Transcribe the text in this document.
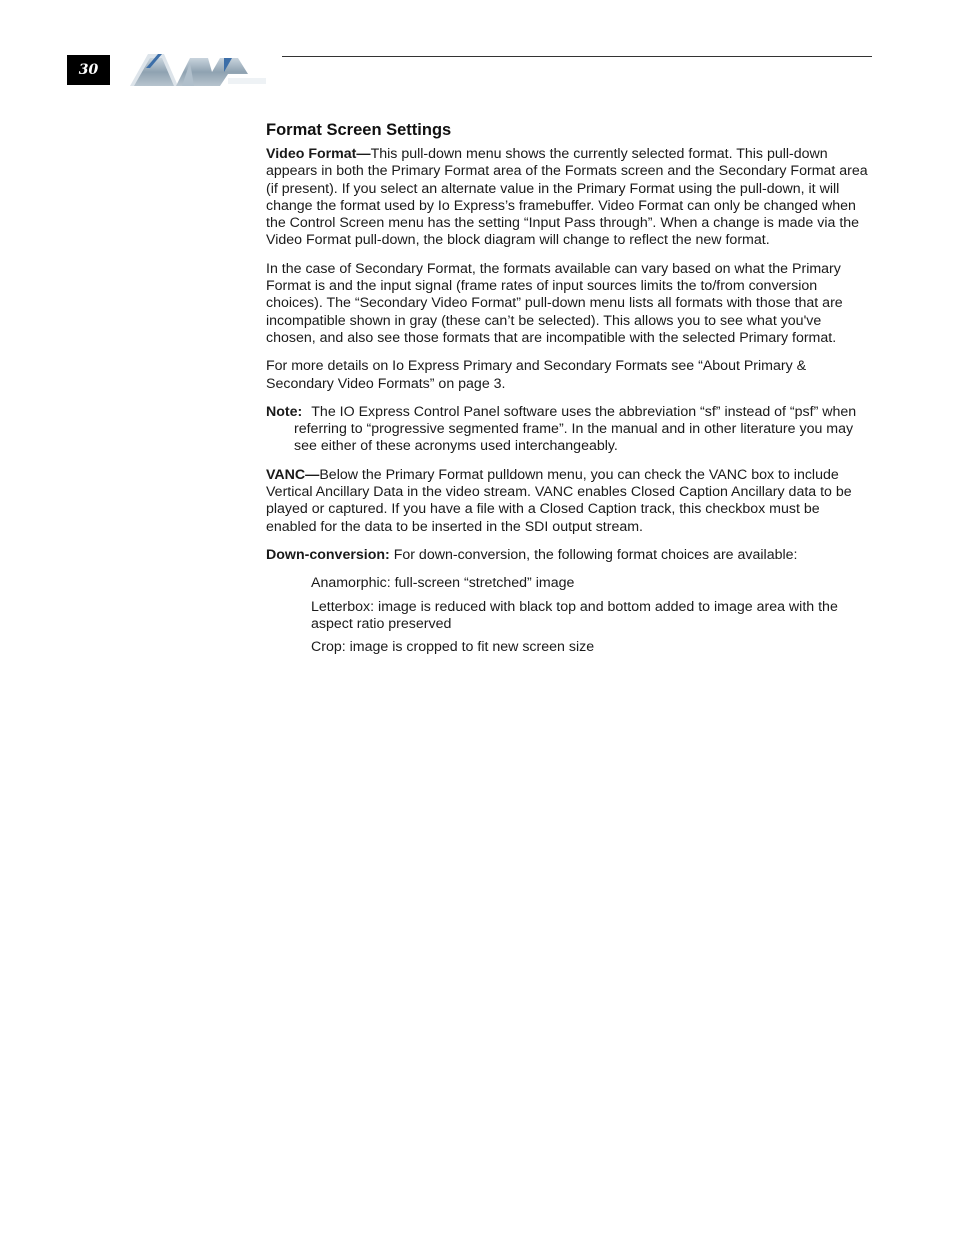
30
Format Screen Settings

Video Format—This pull-down menu shows the currently selected format. This pull-down appears in both the Primary Format area of the Formats screen and the Secondary Format area (if present). If you select an alternate value in the Primary Format using the pull-down, it will change the format used by Io Express’s framebuffer. Video Format can only be changed when the Control Screen menu has the setting “Input Pass through”. When a change is made via the Video Format pull-down, the block diagram will change to reflect the new format.

In the case of Secondary Format, the formats available can vary based on what the Primary Format is and the input signal (frame rates of input sources limits the to/from conversion choices). The “Secondary Video Format” pull-down menu lists all formats with those that are incompatible shown in gray (these can’t be selected). This allows you to see what you've chosen, and also see those formats that are incompatible with the selected Primary format.

For more details on Io Express Primary and Secondary Formats see “About Primary & Secondary Video Formats” on page 3.

Note: The IO Express Control Panel software uses the abbreviation “sf” instead of “psf” when referring to “progressive segmented frame”. In the manual and in other literature you may see either of these acronyms used interchangeably.

VANC—Below the Primary Format pulldown menu, you can check the VANC box to include Vertical Ancillary Data in the video stream. VANC enables Closed Caption Ancillary data to be played or captured. If you have a file with a Closed Caption track, this checkbox must be enabled for the data to be inserted in the SDI output stream.

Down-conversion: For down-conversion, the following format choices are available:

Anamorphic: full-screen “stretched” image
Letterbox: image is reduced with black top and bottom added to image area with the aspect ratio preserved
Crop: image is cropped to fit new screen size
